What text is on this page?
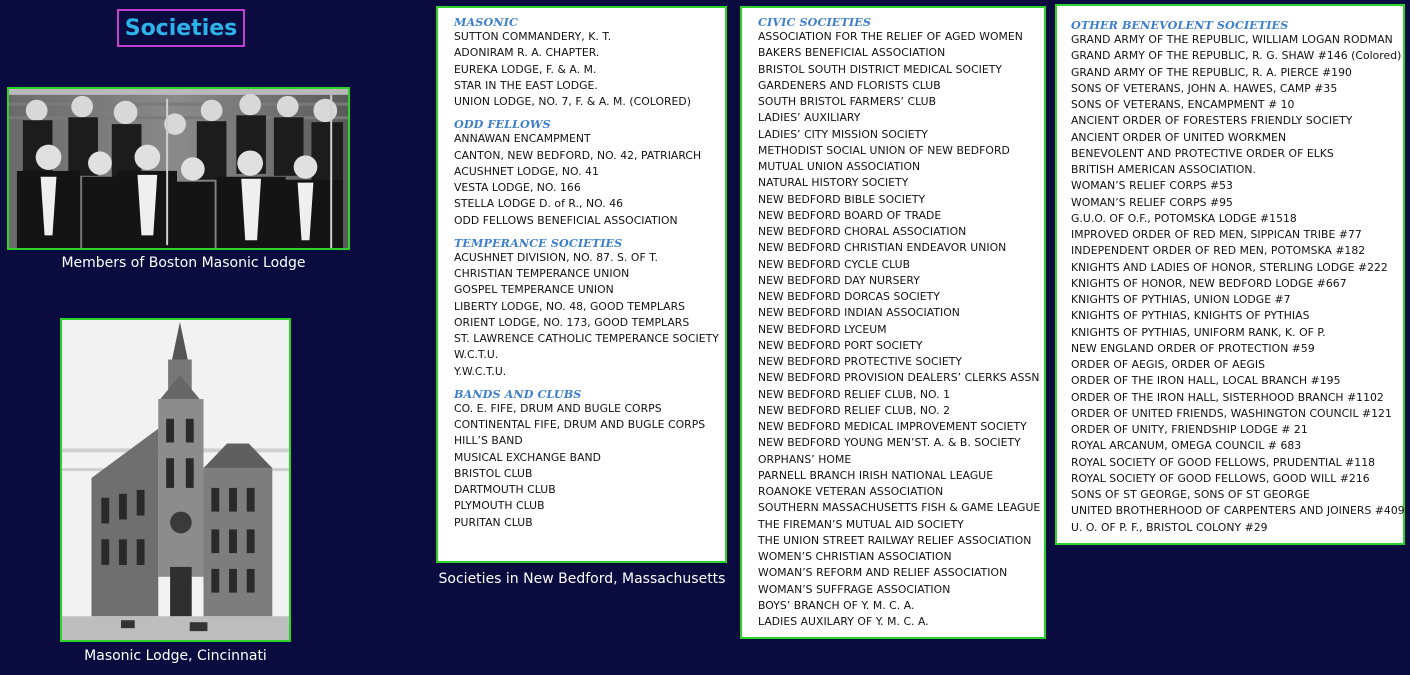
Societies
Members of Boston Masonic Lodge
Masonic Lodge, Cincinnati
Societies in New Bedford, Massachusetts
MASONIC
SUTTON COMMANDERY, K. T.
ADONIRAM R. A. CHAPTER.
EUREKA LODGE, F. & A. M.
STAR IN THE EAST LODGE.
UNION LODGE, NO. 7, F. & A. M. (COLORED)
ODD FELLOWS
ANNAWAN ENCAMPMENT
CANTON, NEW BEDFORD, NO. 42, PATRIARCH
ACUSHNET LODGE, NO. 41
VESTA LODGE, NO. 166
STELLA LODGE D. of R., NO. 46
ODD FELLOWS BENEFICIAL ASSOCIATION
TEMPERANCE SOCIETIES
ACUSHNET DIVISION, NO. 87. S. OF T.
CHRISTIAN TEMPERANCE UNION
GOSPEL TEMPERANCE UNION
LIBERTY LODGE, NO. 48, GOOD TEMPLARS
ORIENT LODGE, NO. 173, GOOD TEMPLARS
ST. LAWRENCE CATHOLIC TEMPERANCE SOCIETY
W.C.T.U.
Y.W.C.T.U.
BANDS AND CLUBS
CO. E. FIFE, DRUM AND BUGLE CORPS
CONTINENTAL FIFE, DRUM AND BUGLE CORPS
HILL’S BAND
MUSICAL EXCHANGE BAND
BRISTOL CLUB
DARTMOUTH CLUB
PLYMOUTH CLUB
PURITAN CLUB
CIVIC SOCIETIES
ASSOCIATION FOR THE RELIEF OF AGED WOMEN
BAKERS BENEFICIAL ASSOCIATION
BRISTOL SOUTH DISTRICT MEDICAL SOCIETY
GARDENERS AND FLORISTS CLUB
SOUTH BRISTOL FARMERS’ CLUB
LADIES’ AUXILIARY
LADIES’ CITY MISSION SOCIETY
METHODIST SOCIAL UNION OF NEW BEDFORD
MUTUAL UNION ASSOCIATION
NATURAL HISTORY SOCIETY
NEW BEDFORD BIBLE SOCIETY
NEW BEDFORD BOARD OF TRADE
NEW BEDFORD CHORAL ASSOCIATION
NEW BEDFORD CHRISTIAN ENDEAVOR UNION
NEW BEDFORD CYCLE CLUB
NEW BEDFORD DAY NURSERY
NEW BEDFORD DORCAS SOCIETY
NEW BEDFORD INDIAN ASSOCIATION
NEW BEDFORD LYCEUM
NEW BEDFORD PORT SOCIETY
NEW BEDFORD PROTECTIVE SOCIETY
NEW BEDFORD PROVISION DEALERS’ CLERKS ASSN
NEW BEDFORD RELIEF CLUB, NO. 1
NEW BEDFORD RELIEF CLUB, NO. 2
NEW BEDFORD MEDICAL IMPROVEMENT SOCIETY
NEW BEDFORD YOUNG MEN’ST. A. & B. SOCIETY
ORPHANS’ HOME
PARNELL BRANCH IRISH NATIONAL LEAGUE
ROANOKE VETERAN ASSOCIATION
SOUTHERN MASSACHUSETTS FISH & GAME LEAGUE
THE FIREMAN’S MUTUAL AID SOCIETY
THE UNION STREET RAILWAY RELIEF ASSOCIATION
WOMEN’S CHRISTIAN ASSOCIATION
WOMAN’S REFORM AND RELIEF ASSOCIATION
WOMAN’S SUFFRAGE ASSOCIATION
BOYS’ BRANCH OF Y. M. C. A.
LADIES AUXILARY OF Y. M. C. A.
OTHER BENEVOLENT SOCIETIES
GRAND ARMY OF THE REPUBLIC, WILLIAM LOGAN RODMAN
GRAND ARMY OF THE REPUBLIC, R. G. SHAW #146 (Colored)
GRAND ARMY OF THE REPUBLIC, R. A. PIERCE #190
SONS OF VETERANS, JOHN A. HAWES, CAMP #35
SONS OF VETERANS, ENCAMPMENT # 10
ANCIENT ORDER OF FORESTERS FRIENDLY SOCIETY
ANCIENT ORDER OF UNITED WORKMEN
BENEVOLENT AND PROTECTIVE ORDER OF ELKS
BRITISH AMERICAN ASSOCIATION.
WOMAN’S RELIEF CORPS #53
WOMAN’S RELIEF CORPS #95
G.U.O. OF O.F., POTOMSKA LODGE #1518
IMPROVED ORDER OF RED MEN, SIPPICAN TRIBE #77
INDEPENDENT ORDER OF RED MEN, POTOMSKA #182
KNIGHTS AND LADIES OF HONOR, STERLING LODGE #222
KNIGHTS OF HONOR, NEW BEDFORD LODGE #667
KNIGHTS OF PYTHIAS, UNION LODGE #7
KNIGHTS OF PYTHIAS, KNIGHTS OF PYTHIAS
KNIGHTS OF PYTHIAS, UNIFORM RANK, K. OF P.
NEW ENGLAND ORDER OF PROTECTION #59
ORDER OF AEGIS, ORDER OF AEGIS
ORDER OF THE IRON HALL, LOCAL BRANCH #195
ORDER OF THE IRON HALL, SISTERHOOD BRANCH #1102
ORDER OF UNITED FRIENDS, WASHINGTON COUNCIL #121
ORDER OF UNITY, FRIENDSHIP LODGE # 21
ROYAL ARCANUM, OMEGA COUNCIL # 683
ROYAL SOCIETY OF GOOD FELLOWS, PRUDENTIAL #118
ROYAL SOCIETY OF GOOD FELLOWS, GOOD WILL #216
SONS OF ST GEORGE, SONS OF ST GEORGE
UNITED BROTHERHOOD OF CARPENTERS AND JOINERS #409
U. O. OF P. F., BRISTOL COLONY #29
